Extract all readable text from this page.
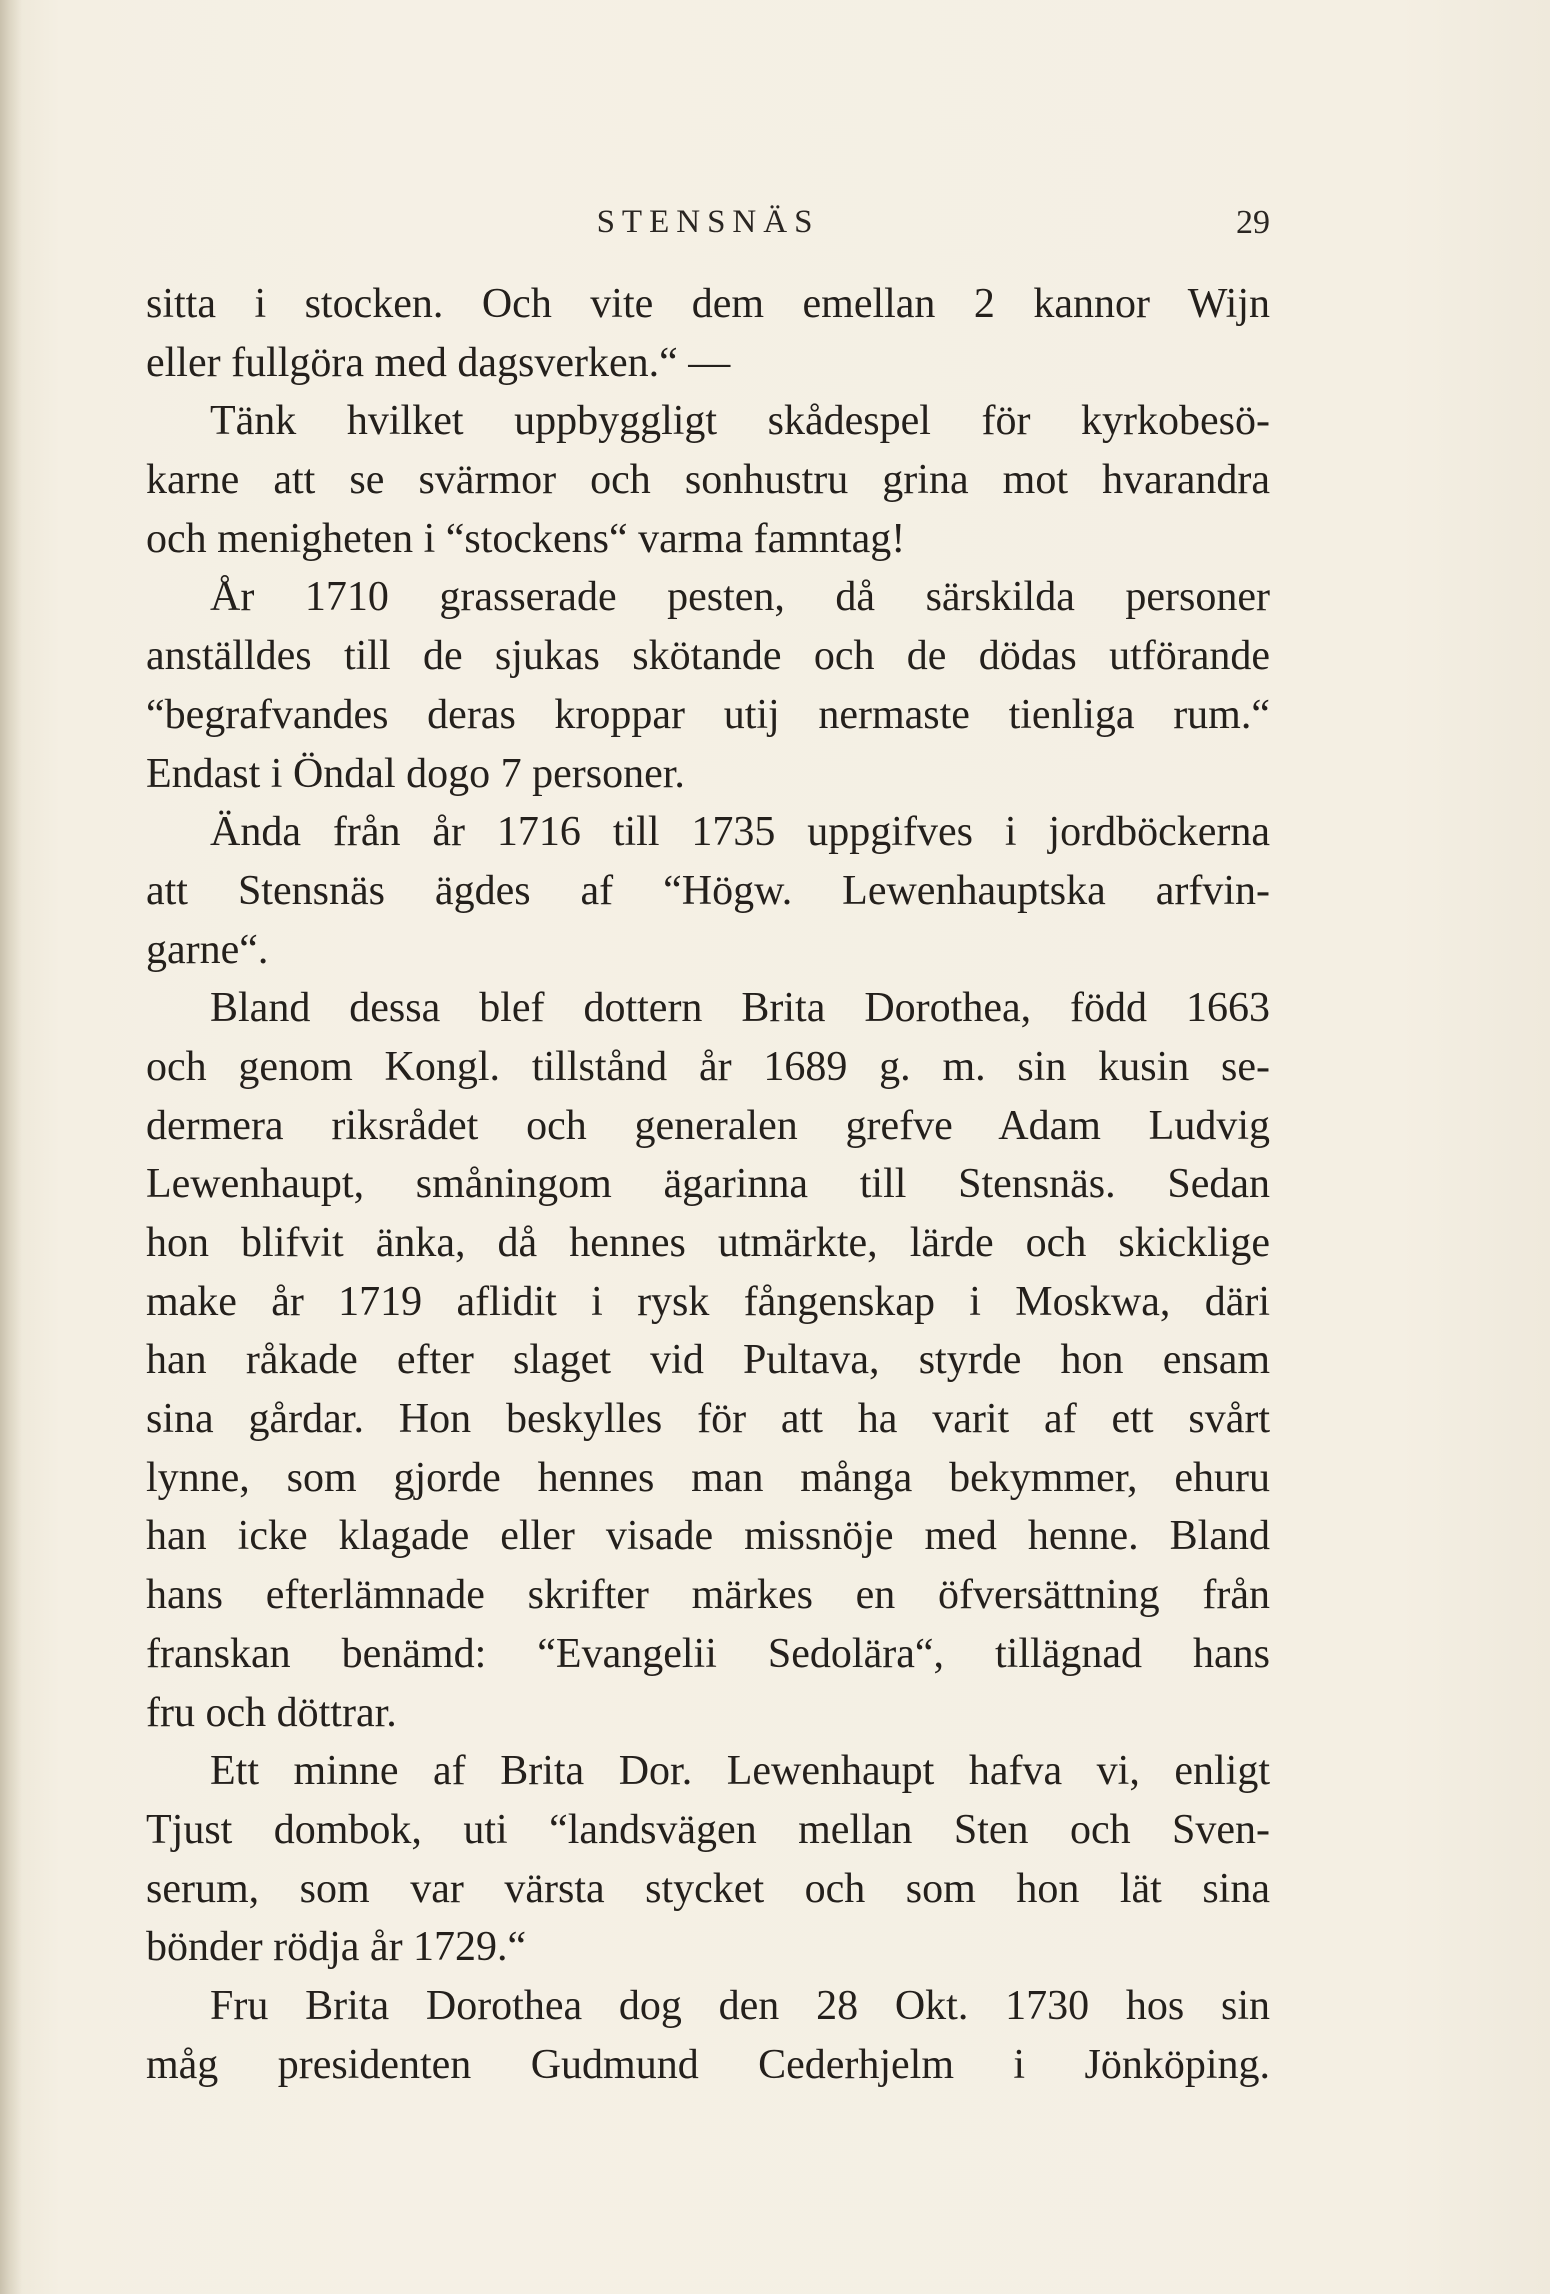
STENSNÄS	29
sitta i stocken. Och vite dem emellan 2 kannor Wijn
eller fullgöra med dagsverken.“ —
Tänk hvilket uppbyggligt skådespel för kyrkobesö-
karne att se svärmor och sonhustru grina mot hvarandra
och menigheten i “stockens“ varma famntag!
År 1710 grasserade pesten, då särskilda personer
anställdes till de sjukas skötande och de dödas utförande
“begrafvandes deras kroppar utij nermaste tienliga rum.“
Endast i Öndal dogo 7 personer.
Ända från år 1716 till 1735 uppgifves i jordböckerna
att Stensnäs ägdes af “Högw. Lewenhauptska arfvin-
garne“.
Bland dessa blef dottern Brita Dorothea, född 1663
och genom Kongl. tillstånd år 1689 g. m. sin kusin se-
dermera riksrådet och generalen grefve Adam Ludvig
Lewenhaupt, småningom ägarinna till Stensnäs. Sedan
hon blifvit änka, då hennes utmärkte, lärde och skicklige
make år 1719 aflidit i rysk fångenskap i Moskwa, däri
han råkade efter slaget vid Pultava, styrde hon ensam
sina gårdar. Hon beskylles för att ha varit af ett svårt
lynne, som gjorde hennes man många bekymmer, ehuru
han icke klagade eller visade missnöje med henne. Bland
hans efterlämnade skrifter märkes en öfversättning från
franskan benämd: “Evangelii Sedolära“, tillägnad hans
fru och döttrar.
Ett minne af Brita Dor. Lewenhaupt hafva vi, enligt
Tjust dombok, uti “landsvägen mellan Sten och Sven-
serum, som var värsta stycket och som hon lät sina
bönder rödja år 1729.“
Fru Brita Dorothea dog den 28 Okt. 1730 hos sin
måg presidenten Gudmund Cederhjelm i Jönköping.
